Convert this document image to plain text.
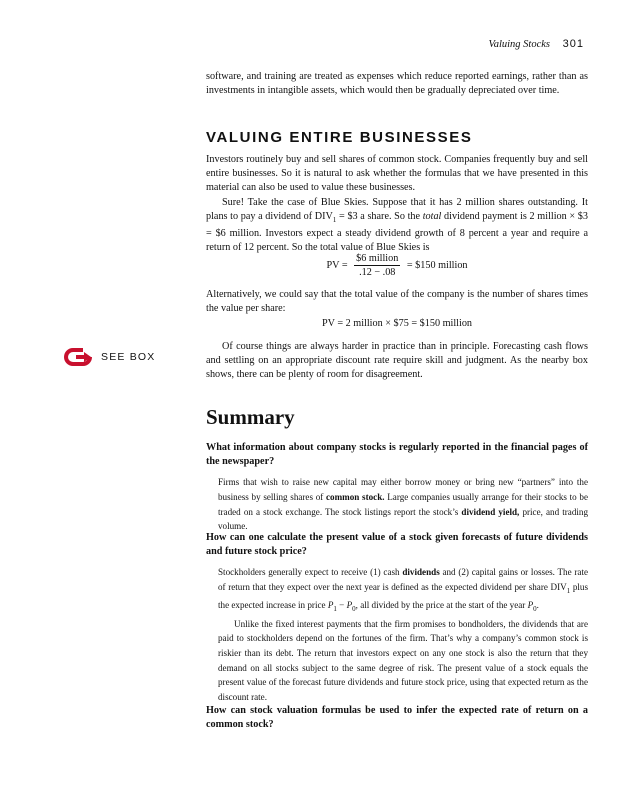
Valuing Stocks 301

software, and training are treated as expenses which reduce reported earnings, rather than as investments in intangible assets, which would then be gradually depreciated over time.

VALUING ENTIRE BUSINESSES

Investors routinely buy and sell shares of common stock. Companies frequently buy and sell entire businesses. So it is natural to ask whether the formulas that we have presented in this material can also be used to value these businesses.

Sure! Take the case of Blue Skies. Suppose that it has 2 million shares outstanding. It plans to pay a dividend of $DIV_1$ = $3 a share. So the total dividend payment is 2 million × $3 = $6 million. Investors expect a steady dividend growth of 8 percent a year and require a return of 12 percent. So the total value of Blue Skies is

PV = $\frac{\text{\$6 million}}{.12 - .08}$ = $150 million

Alternatively, we could say that the total value of the company is the number of shares times the value per share:

PV = 2 million × $75 = $150 million

Of course things are always harder in practice than in principle. Forecasting cash flows and settling on an appropriate discount rate require skill and judgment. As the nearby box shows, there can be plenty of room for disagreement.

SEE BOX
Summary

What information about company stocks is regularly reported in the financial pages of the newspaper?

Firms that wish to raise new capital may either borrow money or bring new “partners” into the business by selling shares of common stock. Large companies usually arrange for their stocks to be traded on a stock exchange. The stock listings report the stock’s dividend yield, price, and trading volume.

How can one calculate the present value of a stock given forecasts of future dividends and future stock price?

Stockholders generally expect to receive (1) cash dividends and (2) capital gains or losses. The rate of return that they expect over the next year is defined as the expected dividend per share $DIV_1$ plus the expected increase in price $P_1 - P_0$, all divided by the price at the start of the year $P_0$.

Unlike the fixed interest payments that the firm promises to bondholders, the dividends that are paid to stockholders depend on the fortunes of the firm. That’s why a company’s common stock is riskier than its debt. The return that investors expect on any one stock is also the return that they demand on all stocks subject to the same degree of risk. The present value of a stock equals the present value of the forecast future dividends and future stock price, using that expected return as the discount rate.

How can stock valuation formulas be used to infer the expected rate of return on a common stock?
